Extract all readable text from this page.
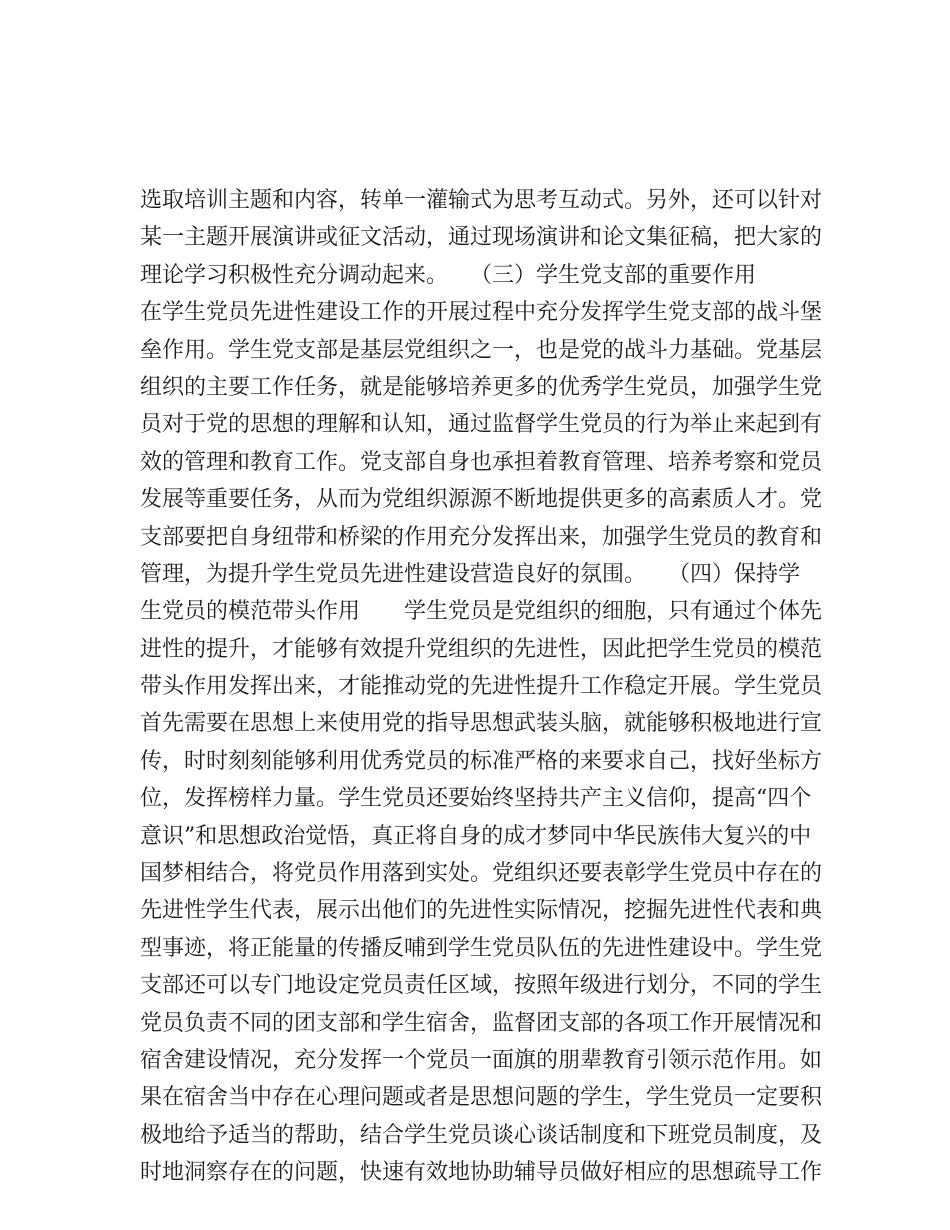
选取培训主题和内容，转单一灌输式为思考互动式。另外，还可以针对

某一主题开展演讲或征文活动，通过现场演讲和论文集征稿，把大家的

理论学习积极性充分调动起来。　　（三）学生党支部的重要作用

在学生党员先进性建设工作的开展过程中充分发挥学生党支部的战斗堡

垒作用。学生党支部是基层党组织之一，也是党的战斗力基础。党基层

组织的主要工作任务，就是能够培养更多的优秀学生党员，加强学生党

员对于党的思想的理解和认知，通过监督学生党员的行为举止来起到有

效的管理和教育工作。党支部自身也承担着教育管理、培养考察和党员

发展等重要任务，从而为党组织源源不断地提供更多的高素质人才。党

支部要把自身纽带和桥梁的作用充分发挥出来，加强学生党员的教育和

管理，为提升学生党员先进性建设营造良好的氛围。　　（四）保持学

生党员的模范带头作用　　学生党员是党组织的细胞，只有通过个体先

进性的提升，才能够有效提升党组织的先进性，因此把学生党员的模范

带头作用发挥出来，才能推动党的先进性提升工作稳定开展。学生党员

首先需要在思想上来使用党的指导思想武装头脑，就能够积极地进行宣

传，时时刻刻能够利用优秀党员的标准严格的来要求自己，找好坐标方

位，发挥榜样力量。学生党员还要始终坚持共产主义信仰，提高“四个

意识”和思想政治觉悟，真正将自身的成才梦同中华民族伟大复兴的中

国梦相结合，将党员作用落到实处。党组织还要表彰学生党员中存在的

先进性学生代表，展示出他们的先进性实际情况，挖掘先进性代表和典

型事迹，将正能量的传播反哺到学生党员队伍的先进性建设中。学生党

支部还可以专门地设定党员责任区域，按照年级进行划分，不同的学生

党员负责不同的团支部和学生宿舍，监督团支部的各项工作开展情况和

宿舍建设情况，充分发挥一个党员一面旗的朋辈教育引领示范作用。如

果在宿舍当中存在心理问题或者是思想问题的学生，学生党员一定要积

极地给予适当的帮助，结合学生党员谈心谈话制度和下班党员制度，及

时地洞察存在的问题，快速有效地协助辅导员做好相应的思想疏导工作
